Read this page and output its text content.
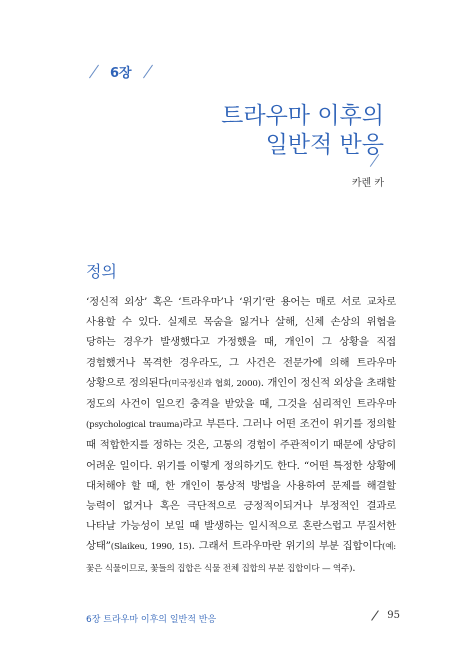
6장
트라우마 이후의
일반적 반응
카렌 카
정의
‘정신적 외상’ 혹은 ‘트라우마’나 ‘위기’란 용어는 매로 서로 교차로 사용할 수 있다. 실제로 목숨을 잃거나 살해, 신체 손상의 위협을 당하는 경우가 발생했다고 가정했을 때, 개인이 그 상황을 직접 경험했거나 목격한 경우라도, 그 사건은 전문가에 의해 트라우마 상황으로 정의된다(미국정신과 협회, 2000). 개인이 정신적 외상을 초래할 정도의 사건이 일으킨 충격을 받았을 때, 그것을 심리적인 트라우마(psychological trauma)라고 부른다. 그러나 어떤 조건이 위기를 정의할 때 적합한지를 정하는 것은, 고통의 경험이 주관적이기 때문에 상당히 어려운 일이다. 위기를 이렇게 정의하기도 한다. “어떤 특정한 상황에 대처해야 할 때, 한 개인이 통상적 방법을 사용하여 문제를 해결할 능력이 없거나 혹은 극단적으로 긍정적이되거나 부정적인 결과로 나타날 가능성이 보일 때 발생하는 일시적으로 혼란스럽고 무질서한 상태”(Slaikeu, 1990, 15). 그래서 트라우마란 위기의 부분 집합이다(예: 꽃은 식물이므로, 꽃들의 집합은 식물 전체 집합의 부분 집합이다 — 역주).
6장 트라우마 이후의 일반적 반응	95
